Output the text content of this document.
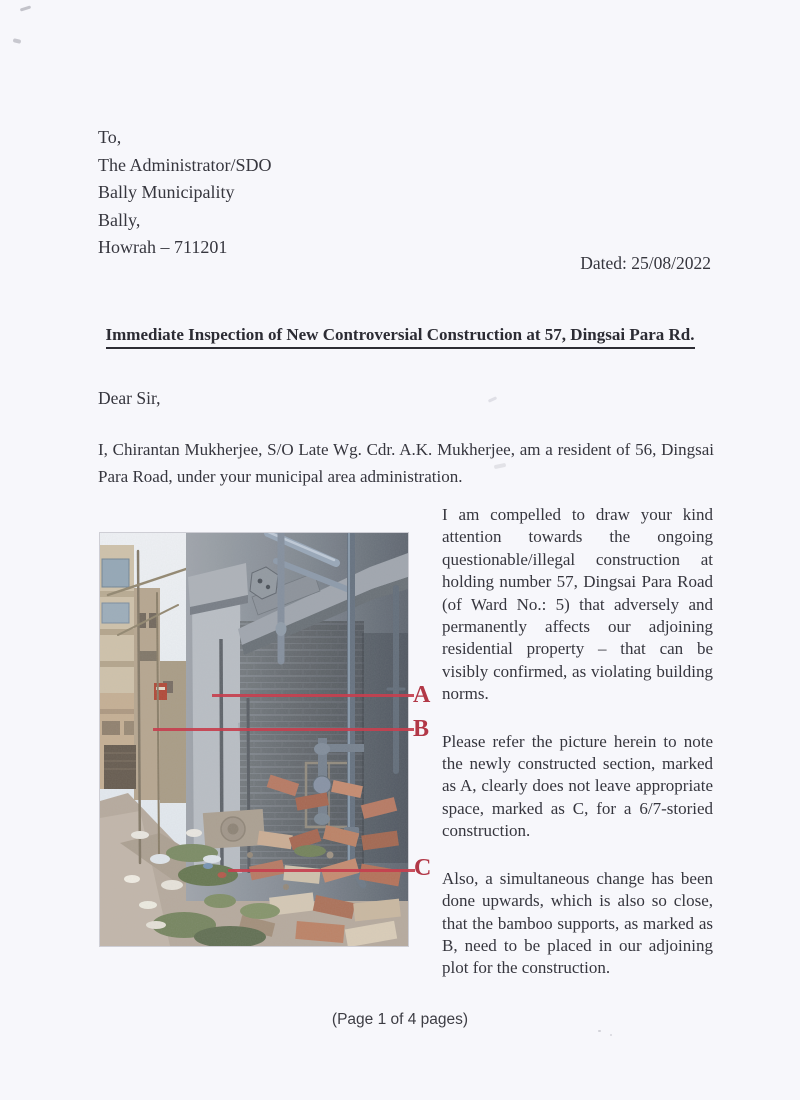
To,
The Administrator/SDO
Bally Municipality
Bally,
Howrah – 711201
Dated: 25/08/2022
Immediate Inspection of New Controversial Construction at 57, Dingsai Para Rd.
Dear Sir,
I, Chirantan Mukherjee, S/O Late Wg. Cdr. A.K. Mukherjee, am a resident of 56, Dingsai
Para Road, under your municipal area administration.
A
B
C
I am compelled to draw your kind
attention towards the ongoing
questionable/illegal construction at
holding number 57, Dingsai Para Road
(of Ward No.: 5) that adversely and
permanently affects our adjoining
residential property – that can be
visibly confirmed, as violating building
norms.
Please refer the picture herein to note
the newly constructed section, marked
as A, clearly does not leave appropriate
space, marked as C, for a 6/7-storied
construction.
Also, a simultaneous change has been
done upwards, which is also so close,
that the bamboo supports, as marked as
B, need to be placed in our adjoining
plot for the construction.
(Page 1 of 4 pages)
